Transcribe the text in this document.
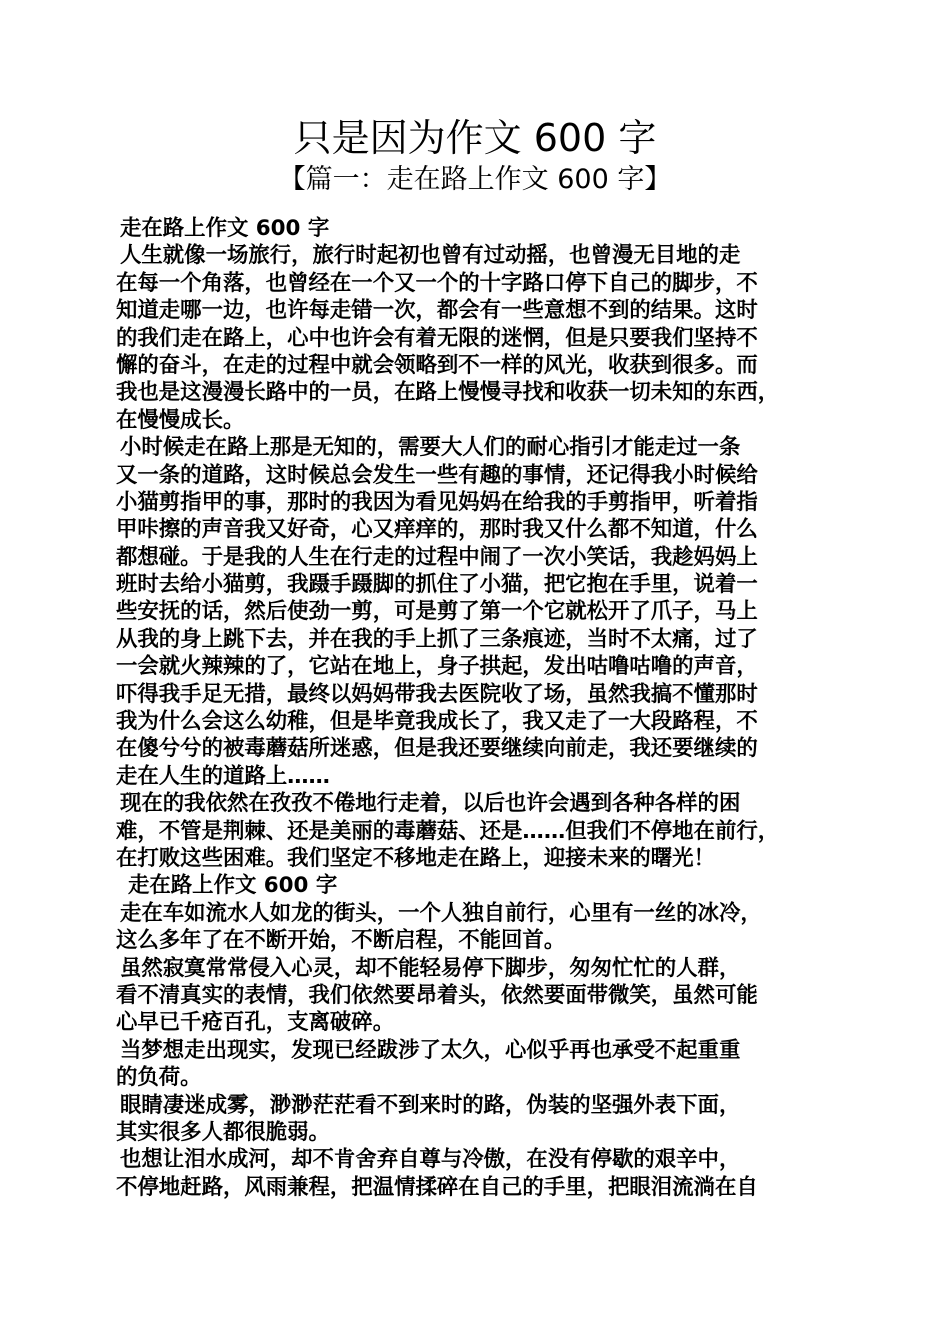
只是因为作文 600 字
【篇一：走在路上作文 600 字】
走在路上作文 600 字
人生就像一场旅行，旅行时起初也曾有过动摇，也曾漫无目地的走
在每一个角落，也曾经在一个又一个的十字路口停下自己的脚步，不
知道走哪一边，也许每走错一次，都会有一些意想不到的结果。这时
的我们走在路上，心中也许会有着无限的迷惘，但是只要我们坚持不
懈的奋斗，在走的过程中就会领略到不一样的风光，收获到很多。而
我也是这漫漫长路中的一员，在路上慢慢寻找和收获一切未知的东西，
在慢慢成长。
小时候走在路上那是无知的，需要大人们的耐心指引才能走过一条
又一条的道路，这时候总会发生一些有趣的事情，还记得我小时候给
小猫剪指甲的事，那时的我因为看见妈妈在给我的手剪指甲，听着指
甲咔擦的声音我又好奇，心又痒痒的，那时我又什么都不知道，什么
都想碰。于是我的人生在行走的过程中闹了一次小笑话，我趁妈妈上
班时去给小猫剪，我蹑手蹑脚的抓住了小猫，把它抱在手里，说着一
些安抚的话，然后使劲一剪，可是剪了第一个它就松开了爪子，马上
从我的身上跳下去，并在我的手上抓了三条痕迹，当时不太痛，过了
一会就火辣辣的了，它站在地上，身子拱起，发出咕噜咕噜的声音，
吓得我手足无措，最终以妈妈带我去医院收了场，虽然我搞不懂那时
我为什么会这么幼稚，但是毕竟我成长了，我又走了一大段路程，不
在傻兮兮的被毒蘑菇所迷惑，但是我还要继续向前走，我还要继续的
走在人生的道路上……
现在的我依然在孜孜不倦地行走着，以后也许会遇到各种各样的困
难，不管是荆棘、还是美丽的毒蘑菇、还是……但我们不停地在前行，
在打败这些困难。我们坚定不移地走在路上，迎接未来的曙光！
走在路上作文 600 字
走在车如流水人如龙的街头，一个人独自前行，心里有一丝的冰冷，
这么多年了在不断开始，不断启程，不能回首。
虽然寂寞常常侵入心灵，却不能轻易停下脚步，匆匆忙忙的人群，
看不清真实的表情，我们依然要昂着头，依然要面带微笑，虽然可能
心早已千疮百孔，支离破碎。
当梦想走出现实，发现已经跋涉了太久，心似乎再也承受不起重重
的负荷。
眼睛凄迷成雾，渺渺茫茫看不到来时的路，伪装的坚强外表下面，
其实很多人都很脆弱。
也想让泪水成河，却不肯舍弃自尊与冷傲，在没有停歇的艰辛中，
不停地赶路，风雨兼程，把温情揉碎在自己的手里，把眼泪流淌在自
